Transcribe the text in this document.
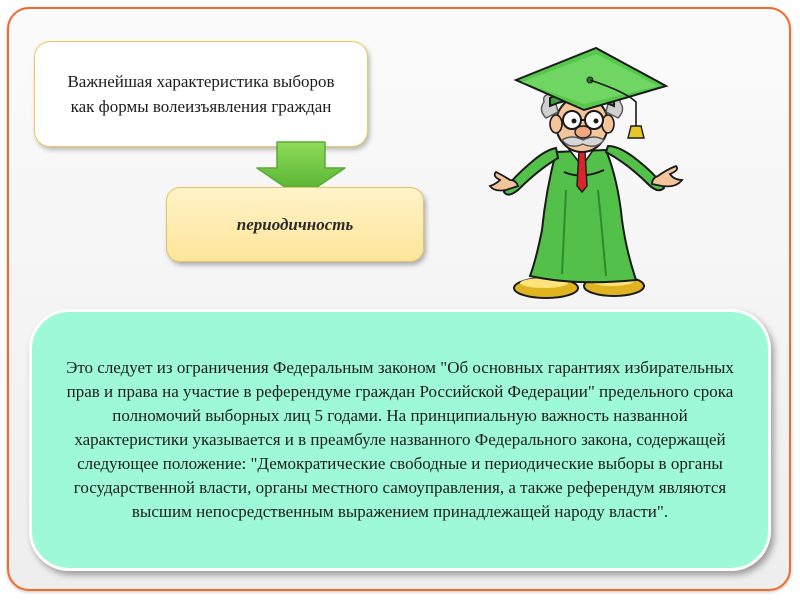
Важнейшая характеристика выборов как формы волеизъявления граждан
периодичность
Это следует из ограничения Федеральным законом "Об основных гарантиях избирательных прав и права на участие в референдуме граждан Российской Федерации" предельного срока полномочий выборных лиц 5 годами. На принципиальную важность названной характеристики указывается и в преамбуле названного Федерального закона, содержащей следующее положение: "Демократические свободные и периодические выборы в органы государственной власти, органы местного самоуправления, а также референдум являются высшим непосредственным выражением принадлежащей народу власти".
